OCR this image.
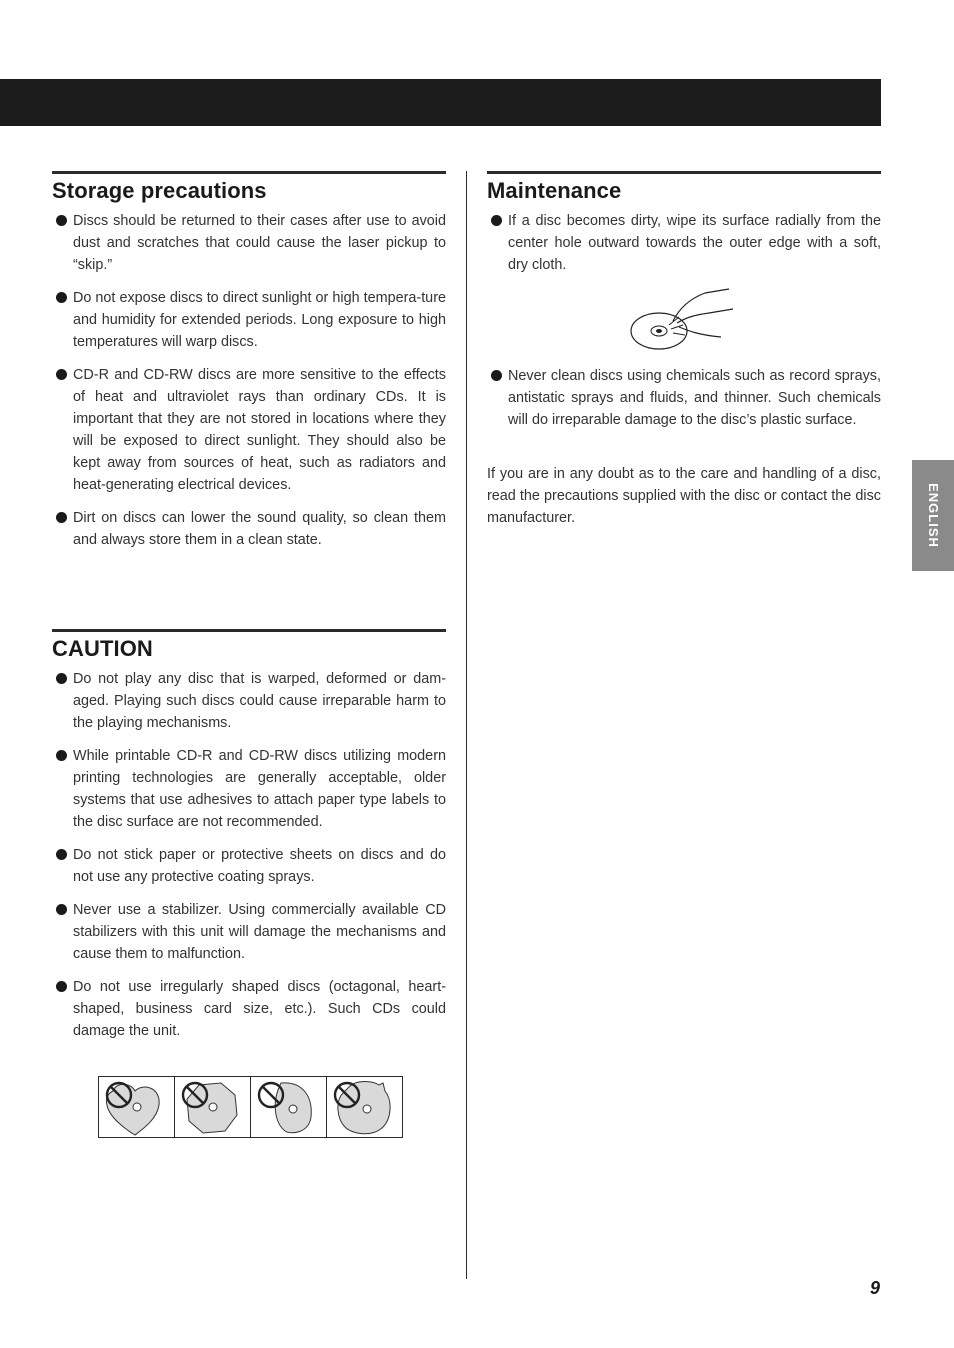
Storage precautions
Discs should be returned to their cases after use to avoid dust and scratches that could cause the laser pickup to “skip.”
Do not expose discs to direct sunlight or high tempera-ture and humidity for extended periods. Long exposure to high temperatures will warp discs.
CD-R and CD-RW discs are more sensitive to the effects of heat and ultraviolet rays than ordinary CDs. It is important that they are not stored in locations where they will be exposed to direct sunlight. They should also be kept away from sources of heat, such as radiators and heat-generating electrical devices.
Dirt on discs can lower the sound quality, so clean them and always store them in a clean state.
CAUTION
Do not play any disc that is warped, deformed or dam-aged. Playing such discs could cause irreparable harm to the playing mechanisms.
While printable CD-R and CD-RW discs utilizing modern printing technologies are generally acceptable, older systems that use adhesives to attach paper type labels to the disc surface are not recommended.
Do not stick paper or protective sheets on discs and do not use any protective coating sprays.
Never use a stabilizer. Using commercially available CD stabilizers with this unit will damage the mechanisms and cause them to malfunction.
Do not use irregularly shaped discs (octagonal, heart-shaped, business card size, etc.). Such CDs could damage the unit.
Maintenance
If a disc becomes dirty, wipe its surface radially from the center hole outward towards the outer edge with a soft, dry cloth.
Never clean discs using chemicals such as record sprays, antistatic sprays and fluids, and thinner. Such chemicals will do irreparable damage to the disc’s plastic surface.

If you are in any doubt as to the care and handling of a disc, read the precautions supplied with the disc or contact the disc manufacturer.	ENGLISH
9
